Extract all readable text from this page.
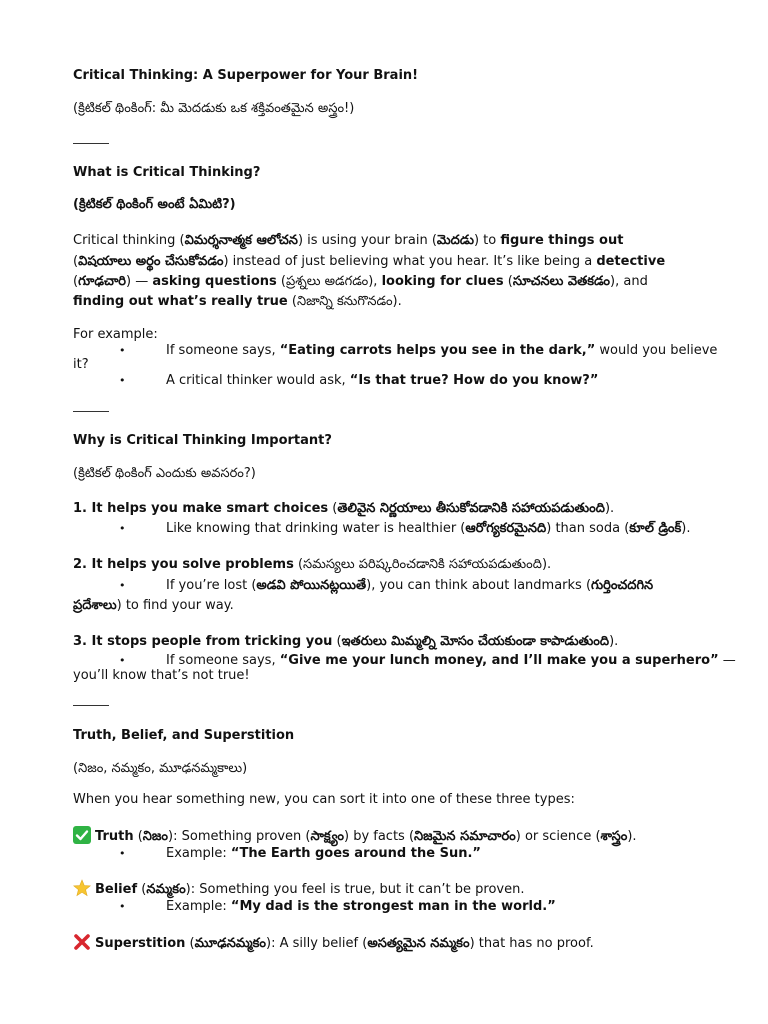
Critical Thinking: A Superpower for Your Brain!
(క్రిటికల్ థింకింగ్: మీ మెదడుకు ఒక శక్తివంతమైన అస్త్రం!)
What is Critical Thinking?
(క్రిటికల్ థింకింగ్ అంటే ఏమిటి?)
Critical thinking (విమర్శనాత్మక ఆలోచన) is using your brain (మెదడు) to figure things out
(విషయాలు అర్థం చేసుకోవడం) instead of just believing what you hear. It’s like being a detective
(గూఢచారి) — asking questions (ప్రశ్నలు అడగడం), looking for clues (సూచనలు వెతకడం), and
finding out what’s really true (నిజాన్ని కనుగొనడం).
For example:
•	If someone says, “Eating carrots helps you see in the dark,” would you believe
it?
•	A critical thinker would ask, “Is that true? How do you know?”
Why is Critical Thinking Important?
(క్రిటికల్ థింకింగ్ ఎందుకు అవసరం?)
1. It helps you make smart choices (తెలివైన నిర్ణయాలు తీసుకోవడానికి సహాయపడుతుంది).
•	Like knowing that drinking water is healthier (ఆరోగ్యకరమైనది) than soda (కూల్ డ్రింక్).
2. It helps you solve problems (సమస్యలు పరిష్కరించడానికి సహాయపడుతుంది).
•	If you’re lost (అడవి పోయినట్లయితే), you can think about landmarks (గుర్తించదగిన
ప్రదేశాలు) to find your way.
3. It stops people from tricking you (ఇతరులు మిమ్మల్ని మోసం చేయకుండా కాపాడుతుంది).
•	If someone says, “Give me your lunch money, and I’ll make you a superhero” —
you’ll know that’s not true!
Truth, Belief, and Superstition
(నిజం, నమ్మకం, మూఢనమ్మకాలు)
When you hear something new, you can sort it into one of these three types:
Truth (నిజం): Something proven (సాక్ష్యం) by facts (నిజమైన సమాచారం) or science (శాస్త్రం).
•	Example: “The Earth goes around the Sun.”
Belief (నమ్మకం): Something you feel is true, but it can’t be proven.
•	Example: “My dad is the strongest man in the world.”
Superstition (మూఢనమ్మకం): A silly belief (అసత్యమైన నమ్మకం) that has no proof.
